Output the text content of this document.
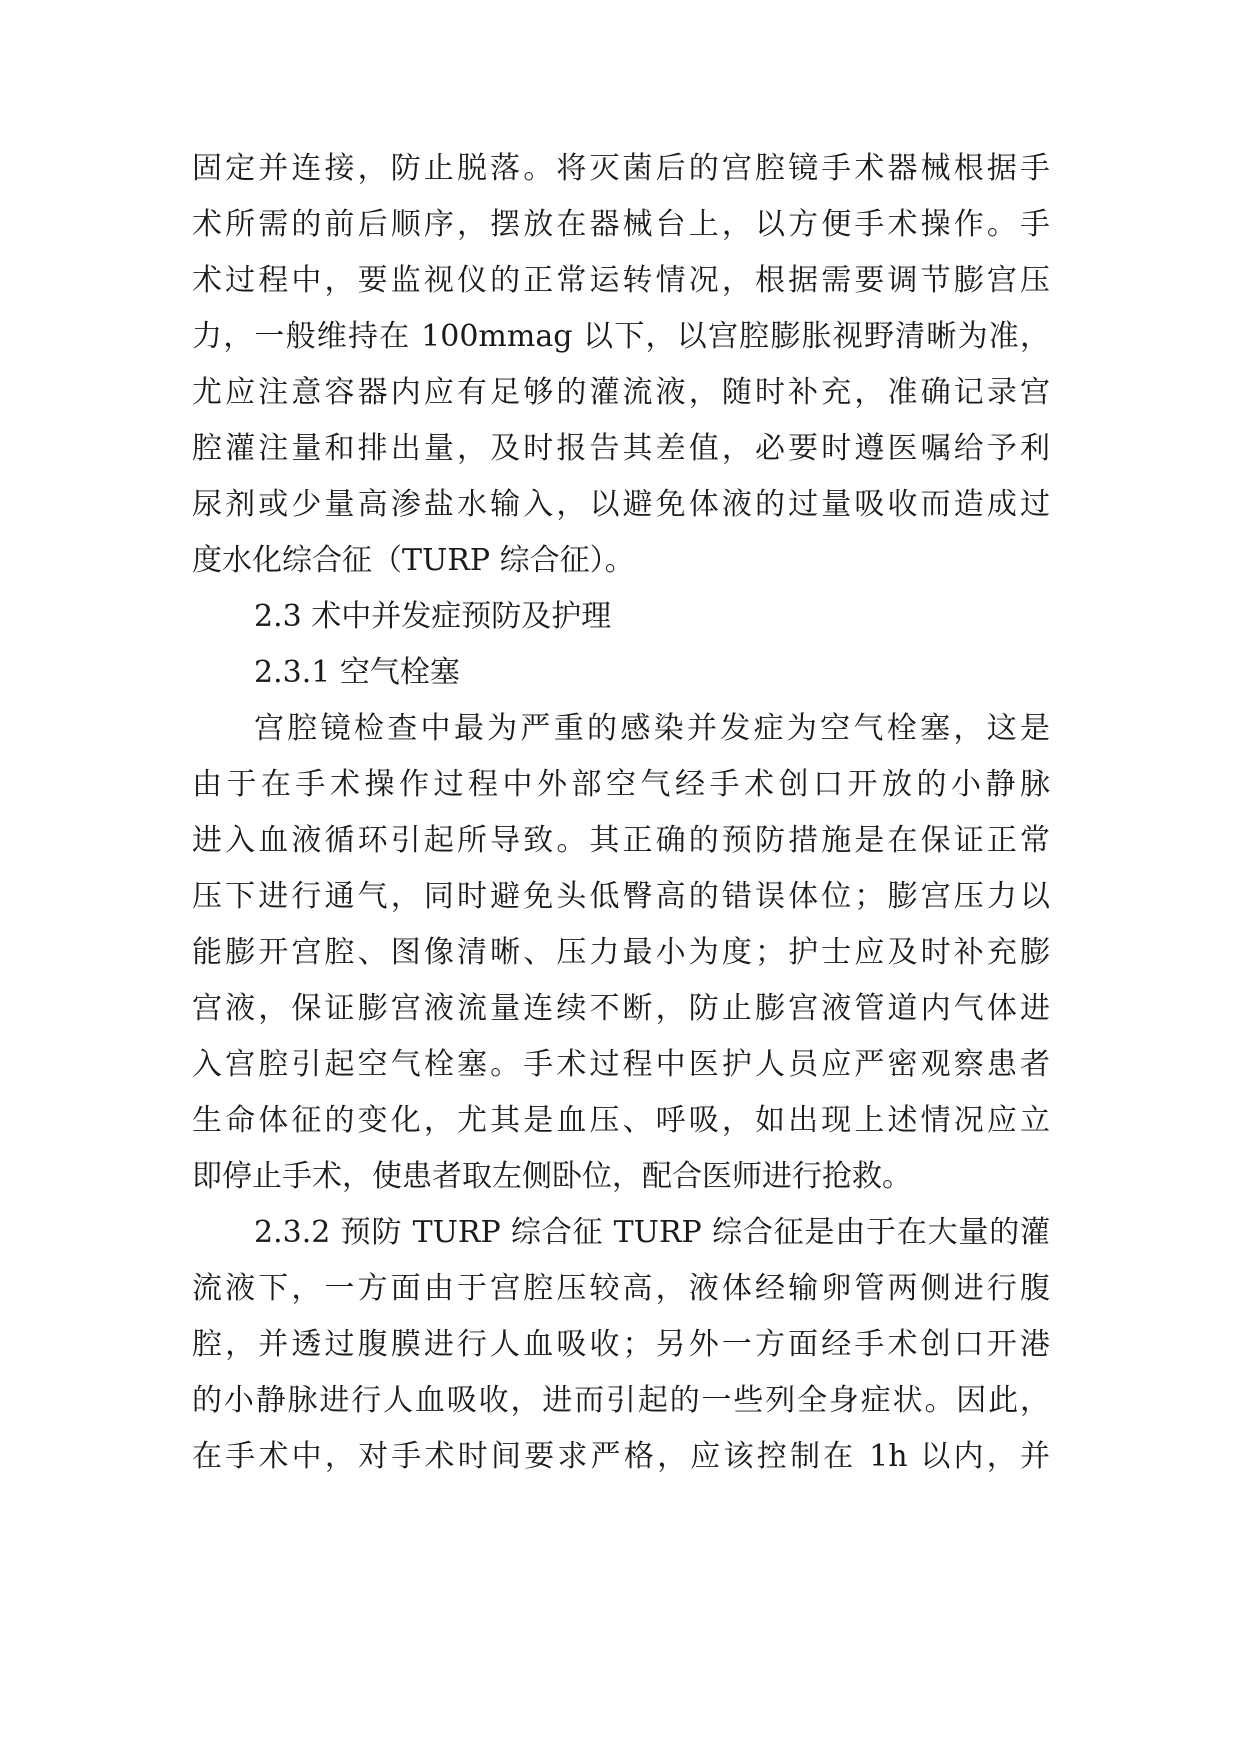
固定并连接，防止脱落。将灭菌后的宫腔镜手术器械根据手
术所需的前后顺序，摆放在器械台上，以方便手术操作。手
术过程中，要监视仪的正常运转情况，根据需要调节膨宫压
力，一般维持在 100mmag 以下，以宫腔膨胀视野清晰为准，
尤应注意容器内应有足够的灌流液，随时补充，准确记录宫
腔灌注量和排出量，及时报告其差值，必要时遵医嘱给予利
尿剂或少量高渗盐水输入，以避免体液的过量吸收而造成过
度水化综合征（TURP 综合征）。
2.3 术中并发症预防及护理
2.3.1 空气栓塞
宫腔镜检查中最为严重的感染并发症为空气栓塞，这是
由于在手术操作过程中外部空气经手术创口开放的小静脉
进入血液循环引起所导致。其正确的预防措施是在保证正常
压下进行通气，同时避免头低臀高的错误体位；膨宫压力以
能膨开宫腔、图像清晰、压力最小为度；护士应及时补充膨
宫液，保证膨宫液流量连续不断，防止膨宫液管道内气体进
入宫腔引起空气栓塞。手术过程中医护人员应严密观察患者
生命体征的变化，尤其是血压、呼吸，如出现上述情况应立
即停止手术，使患者取左侧卧位，配合医师进行抢救。
2.3.2 预防 TURP 综合征 TURP 综合征是由于在大量的灌
流液下，一方面由于宫腔压较高，液体经输卵管两侧进行腹
腔，并透过腹膜进行人血吸收；另外一方面经手术创口开港
的小静脉进行人血吸收，进而引起的一些列全身症状。因此，
在手术中，对手术时间要求严格，应该控制在 1h 以内，并
